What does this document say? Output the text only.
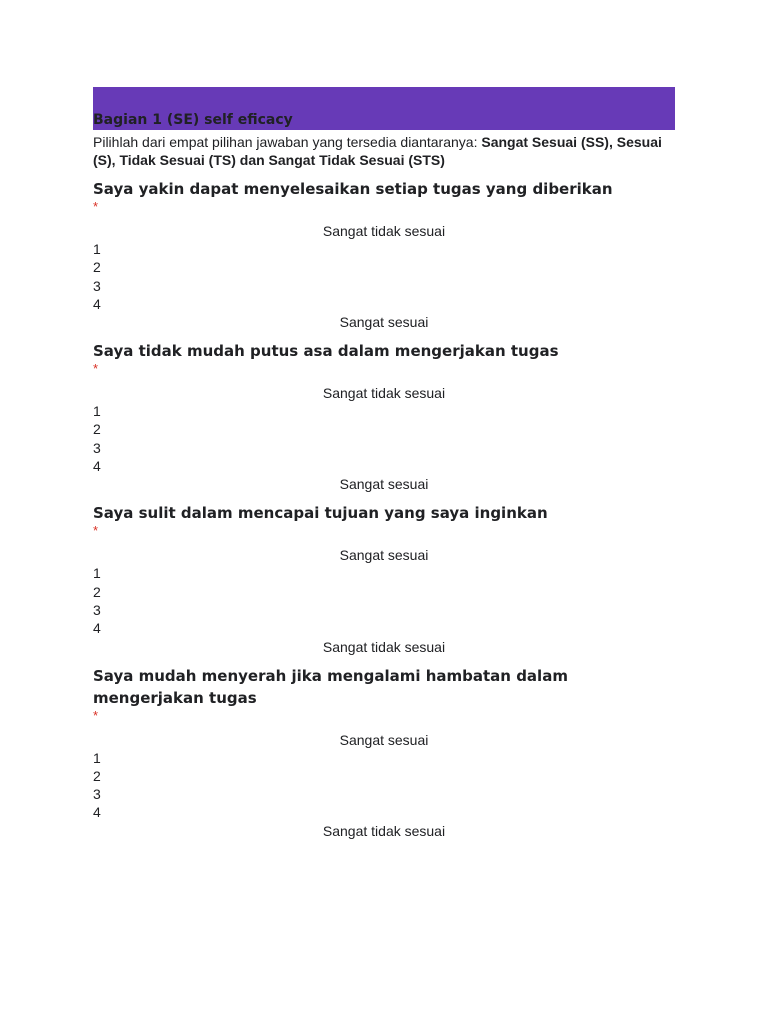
Bagian 1 (SE) self eficacy
Pilihlah dari empat pilihan jawaban yang tersedia diantaranya: Sangat Sesuai (SS), Sesuai (S), Tidak Sesuai (TS) dan Sangat Tidak Sesuai (STS)
Saya yakin dapat menyelesaikan setiap tugas yang diberikan
*
Sangat tidak sesuai
1
2
3
4
Sangat sesuai
Saya tidak mudah putus asa dalam mengerjakan tugas
*
Sangat tidak sesuai
1
2
3
4
Sangat sesuai
Saya sulit dalam mencapai tujuan yang saya inginkan
*
Sangat sesuai
1
2
3
4
Sangat tidak sesuai
Saya mudah menyerah jika mengalami hambatan dalam mengerjakan tugas
*
Sangat sesuai
1
2
3
4
Sangat tidak sesuai
